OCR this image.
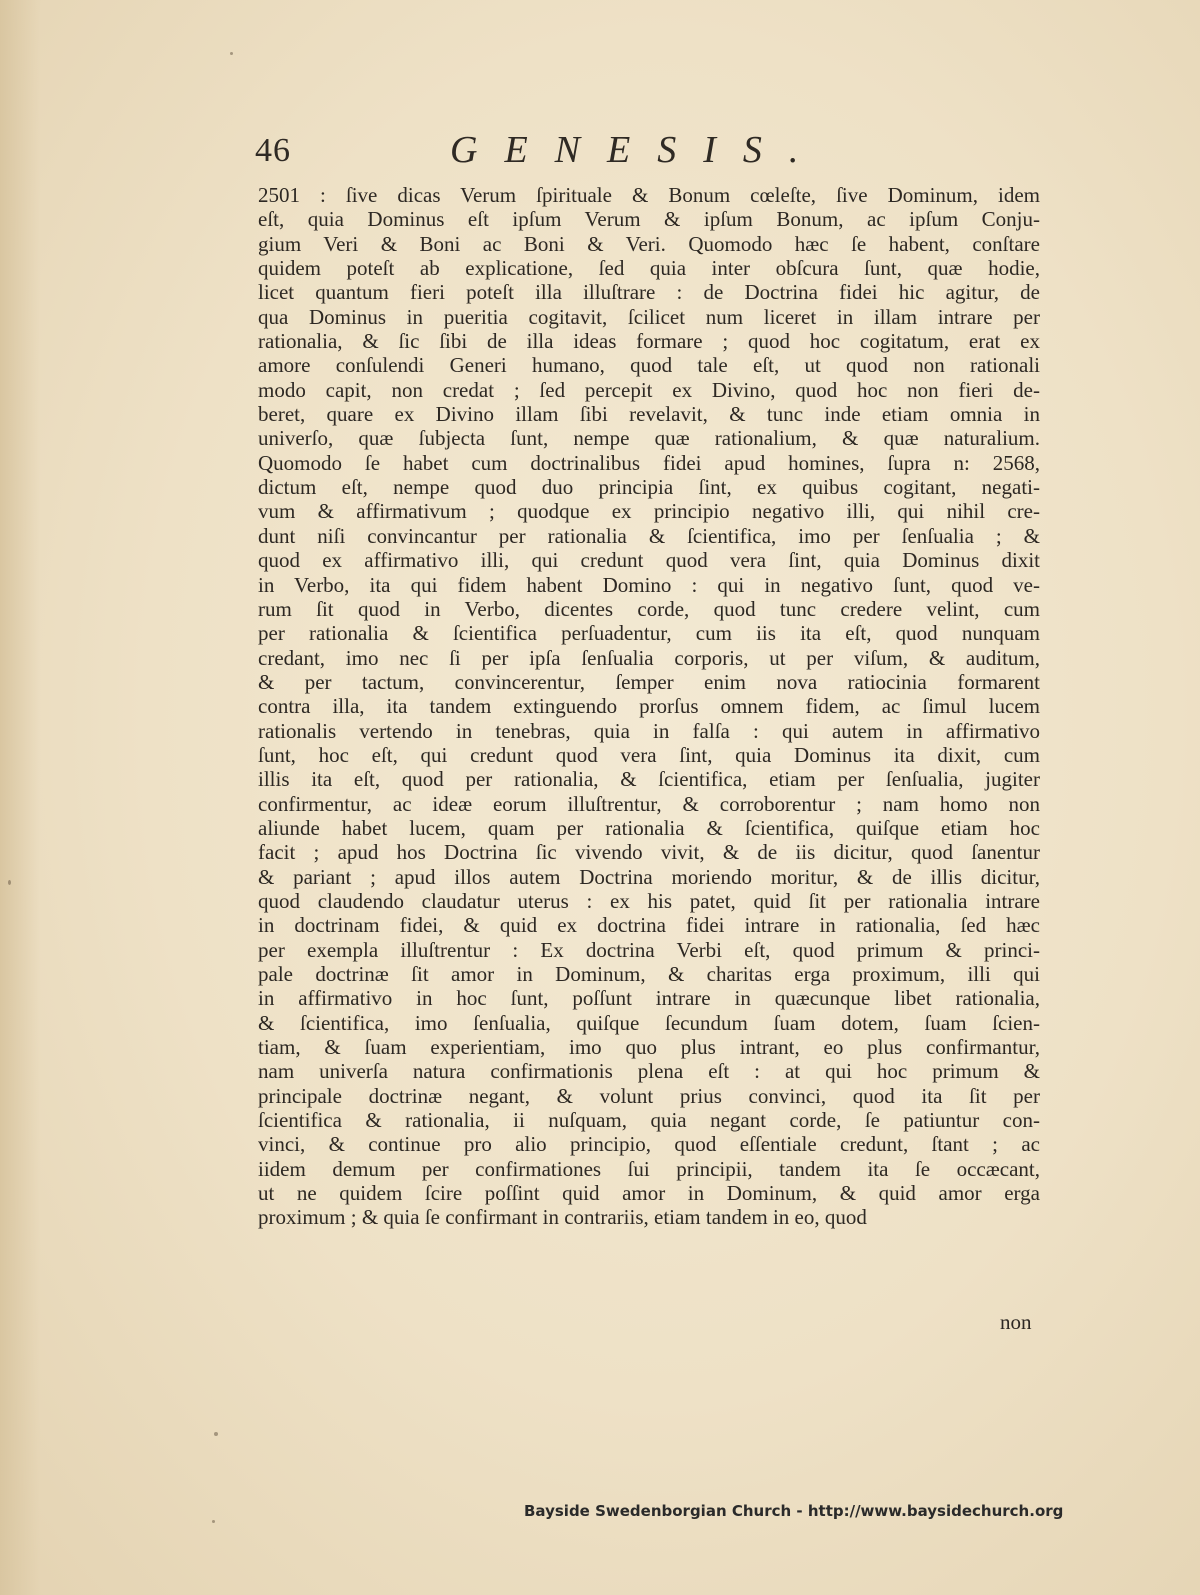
46	GENESIS.
2501 : ſive dicas Verum ſpirituale & Bonum cœleſte, ſive Dominum, idem
eſt, quia Dominus eſt ipſum Verum & ipſum Bonum, ac ipſum Conju-
gium Veri & Boni ac Boni & Veri. Quomodo hæc ſe habent, conſtare
quidem poteſt ab explicatione, ſed quia inter obſcura ſunt, quæ hodie,
licet quantum fieri poteſt illa illuſtrare : de Doctrina fidei hic agitur, de
qua Dominus in pueritia cogitavit, ſcilicet num liceret in illam intrare per
rationalia, & ſic ſibi de illa ideas formare ; quod hoc cogitatum, erat ex
amore conſulendi Generi humano, quod tale eſt, ut quod non rationali
modo capit, non credat ; ſed percepit ex Divino, quod hoc non fieri de-
beret, quare ex Divino illam ſibi revelavit, & tunc inde etiam omnia in
univerſo, quæ ſubjecta ſunt, nempe quæ rationalium, & quæ naturalium.
Quomodo ſe habet cum doctrinalibus fidei apud homines, ſupra n: 2568,
dictum eſt, nempe quod duo principia ſint, ex quibus cogitant, negati-
vum & affirmativum ; quodque ex principio negativo illi, qui nihil cre-
dunt niſi convincantur per rationalia & ſcientifica, imo per ſenſualia ; &
quod ex affirmativo illi, qui credunt quod vera ſint, quia Dominus dixit
in Verbo, ita qui fidem habent Domino : qui in negativo ſunt, quod ve-
rum ſit quod in Verbo, dicentes corde, quod tunc credere velint, cum
per rationalia & ſcientifica perſuadentur, cum iis ita eſt, quod nunquam
credant, imo nec ſi per ipſa ſenſualia corporis, ut per viſum, & auditum,
& per tactum, convincerentur, ſemper enim nova ratiocinia formarent
contra illa, ita tandem extinguendo prorſus omnem fidem, ac ſimul lucem
rationalis vertendo in tenebras, quia in falſa : qui autem in affirmativo
ſunt, hoc eſt, qui credunt quod vera ſint, quia Dominus ita dixit, cum
illis ita eſt, quod per rationalia, & ſcientifica, etiam per ſenſualia, jugiter
confirmentur, ac ideæ eorum illuſtrentur, & corroborentur ; nam homo non
aliunde habet lucem, quam per rationalia & ſcientifica, quiſque etiam hoc
facit ; apud hos Doctrina ſic vivendo vivit, & de iis dicitur, quod ſanentur
& pariant ; apud illos autem Doctrina moriendo moritur, & de illis dicitur,
quod claudendo claudatur uterus : ex his patet, quid ſit per rationalia intrare
in doctrinam fidei, & quid ex doctrina fidei intrare in rationalia, ſed hæc
per exempla illuſtrentur : Ex doctrina Verbi eſt, quod primum & princi-
pale doctrinæ ſit amor in Dominum, & charitas erga proximum, illi qui
in affirmativo in hoc ſunt, poſſunt intrare in quæcunque libet rationalia,
& ſcientifica, imo ſenſualia, quiſque ſecundum ſuam dotem, ſuam ſcien-
tiam, & ſuam experientiam, imo quo plus intrant, eo plus confirmantur,
nam univerſa natura confirmationis plena eſt : at qui hoc primum &
principale doctrinæ negant, & volunt prius convinci, quod ita ſit per
ſcientifica & rationalia, ii nuſquam, quia negant corde, ſe patiuntur con-
vinci, & continue pro alio principio, quod eſſentiale credunt, ſtant ; ac
iidem demum per confirmationes ſui principii, tandem ita ſe occæcant,
ut ne quidem ſcire poſſint quid amor in Dominum, & quid amor erga
proximum ; & quia ſe confirmant in contrariis, etiam tandem in eo, quod
non
Bayside Swedenborgian Church - http://www.baysidechurch.org
